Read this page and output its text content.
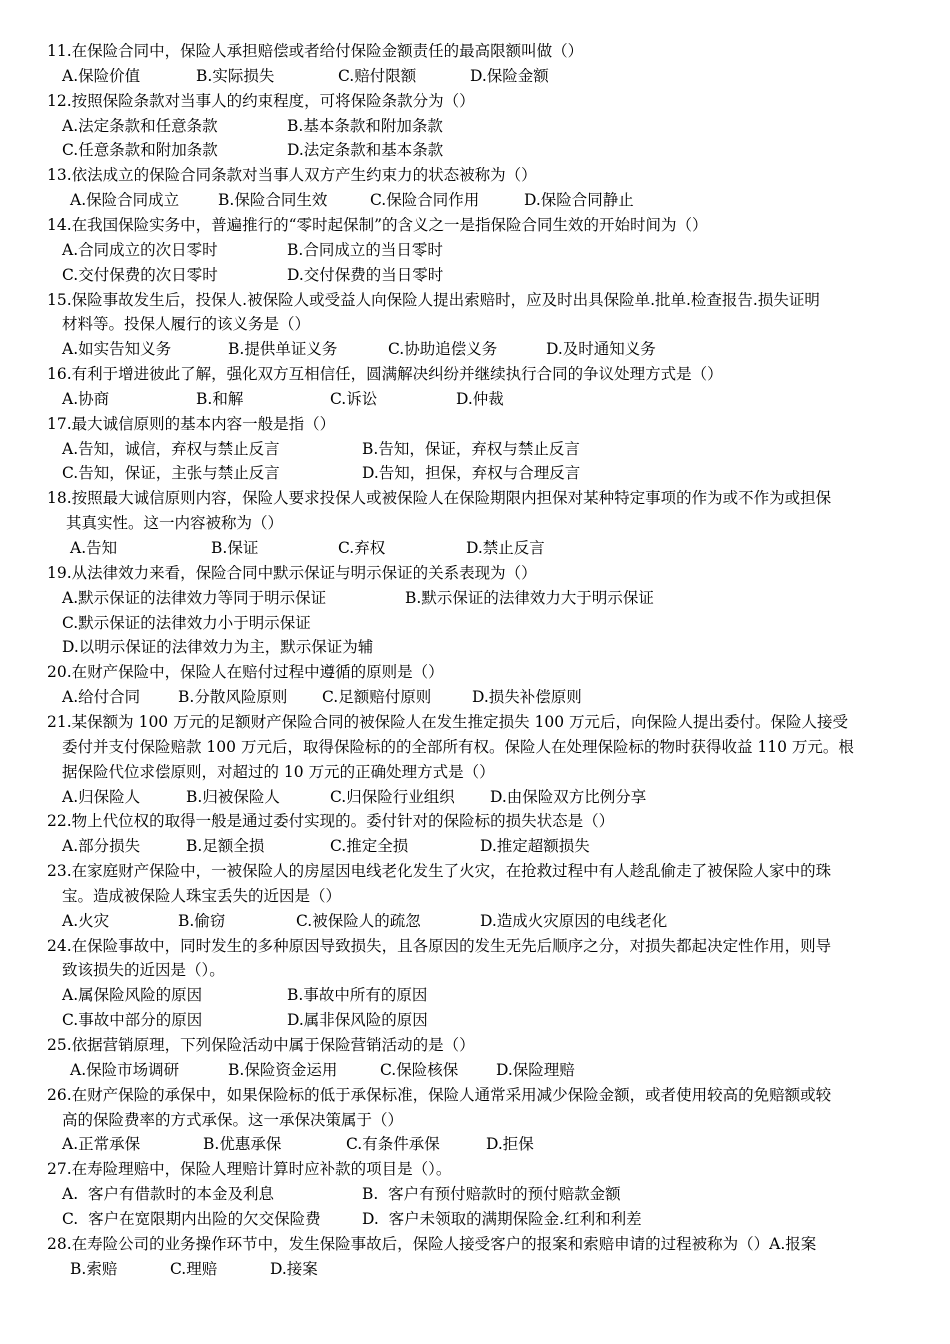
11.在保险合同中，保险人承担赔偿或者给付保险金额责任的最高限额叫做（）
A.保险价值	B.实际损失	C.赔付限额	D.保险金额
12.按照保险条款对当事人的约束程度，可将保险条款分为（）
A.法定条款和任意条款	B.基本条款和附加条款
C.任意条款和附加条款	D.法定条款和基本条款
13.依法成立的保险合同条款对当事人双方产生约束力的状态被称为（）
A.保险合同成立	B.保险合同生效	C.保险合同作用	D.保险合同静止
14.在我国保险实务中，普遍推行的“零时起保制”的含义之一是指保险合同生效的开始时间为（）
A.合同成立的次日零时	B.合同成立的当日零时
C.交付保费的次日零时	D.交付保费的当日零时
15.保险事故发生后，投保人.被保险人或受益人向保险人提出索赔时，应及时出具保险单.批单.检查报告.损失证明
材料等。投保人履行的该义务是（）
A.如实告知义务	B.提供单证义务	C.协助追偿义务	D.及时通知义务
16.有利于增进彼此了解，强化双方互相信任，圆满解决纠纷并继续执行合同的争议处理方式是（）
A.协商	B.和解	C.诉讼	D.仲裁
17.最大诚信原则的基本内容一般是指（）
A.告知，诚信，弃权与禁止反言	B.告知，保证，弃权与禁止反言
C.告知，保证，主张与禁止反言	D.告知，担保，弃权与合理反言
18.按照最大诚信原则内容，保险人要求投保人或被保险人在保险期限内担保对某种特定事项的作为或不作为或担保
其真实性。这一内容被称为（）
A.告知	B.保证	C.弃权	D.禁止反言
19.从法律效力来看，保险合同中默示保证与明示保证的关系表现为（）
A.默示保证的法律效力等同于明示保证	B.默示保证的法律效力大于明示保证
C.默示保证的法律效力小于明示保证
D.以明示保证的法律效力为主，默示保证为辅
20.在财产保险中，保险人在赔付过程中遵循的原则是（）
A.给付合同 B.分散风险原则 C.足额赔付原则	D.损失补偿原则
21.某保额为 100 万元的足额财产保险合同的被保险人在发生推定损失 100 万元后，向保险人提出委付。保险人接受
委付并支付保险赔款 100 万元后，取得保险标的的全部所有权。保险人在处理保险标的物时获得收益 110 万元。根
据保险代位求偿原则，对超过的 10 万元的正确处理方式是（）
A.归保险人	B.归被保险人	C.归保险行业组织 D.由保险双方比例分享
22.物上代位权的取得一般是通过委付实现的。委付针对的保险标的损失状态是（）
A.部分损失	B.足额全损	C.推定全损	D.推定超额损失
23.在家庭财产保险中，一被保险人的房屋因电线老化发生了火灾，在抢救过程中有人趁乱偷走了被保险人家中的珠
宝。造成被保险人珠宝丢失的近因是（）
A.火灾	B.偷窃	C.被保险人的疏忽	D.造成火灾原因的电线老化
24.在保险事故中，同时发生的多种原因导致损失，且各原因的发生无先后顺序之分，对损失都起决定性作用，则导
致该损失的近因是（）。
A.属保险风险的原因	B.事故中所有的原因
C.事故中部分的原因	D.属非保风险的原因
25.依据营销原理，下列保险活动中属于保险营销活动的是（）
A.保险市场调研	B.保险资金运用	C.保险核保 D.保险理赔
26.在财产保险的承保中，如果保险标的低于承保标准，保险人通常采用减少保险金额，或者使用较高的免赔额或较
高的保险费率的方式承保。这一承保决策属于（）
A.正常承保	B.优惠承保	C.有条件承保	D.拒保
27.在寿险理赔中，保险人理赔计算时应补款的项目是（）。
A.  客户有借款时的本金及利息	B.  客户有预付赔款时的预付赔款金额
C.  客户在宽限期内出险的欠交保险费	D.  客户未领取的满期保险金.红利和利差
28.在寿险公司的业务操作环节中，发生保险事故后，保险人接受客户的报案和索赔申请的过程被称为（）A.报案
B.索赔	C.理赔	D.接案
